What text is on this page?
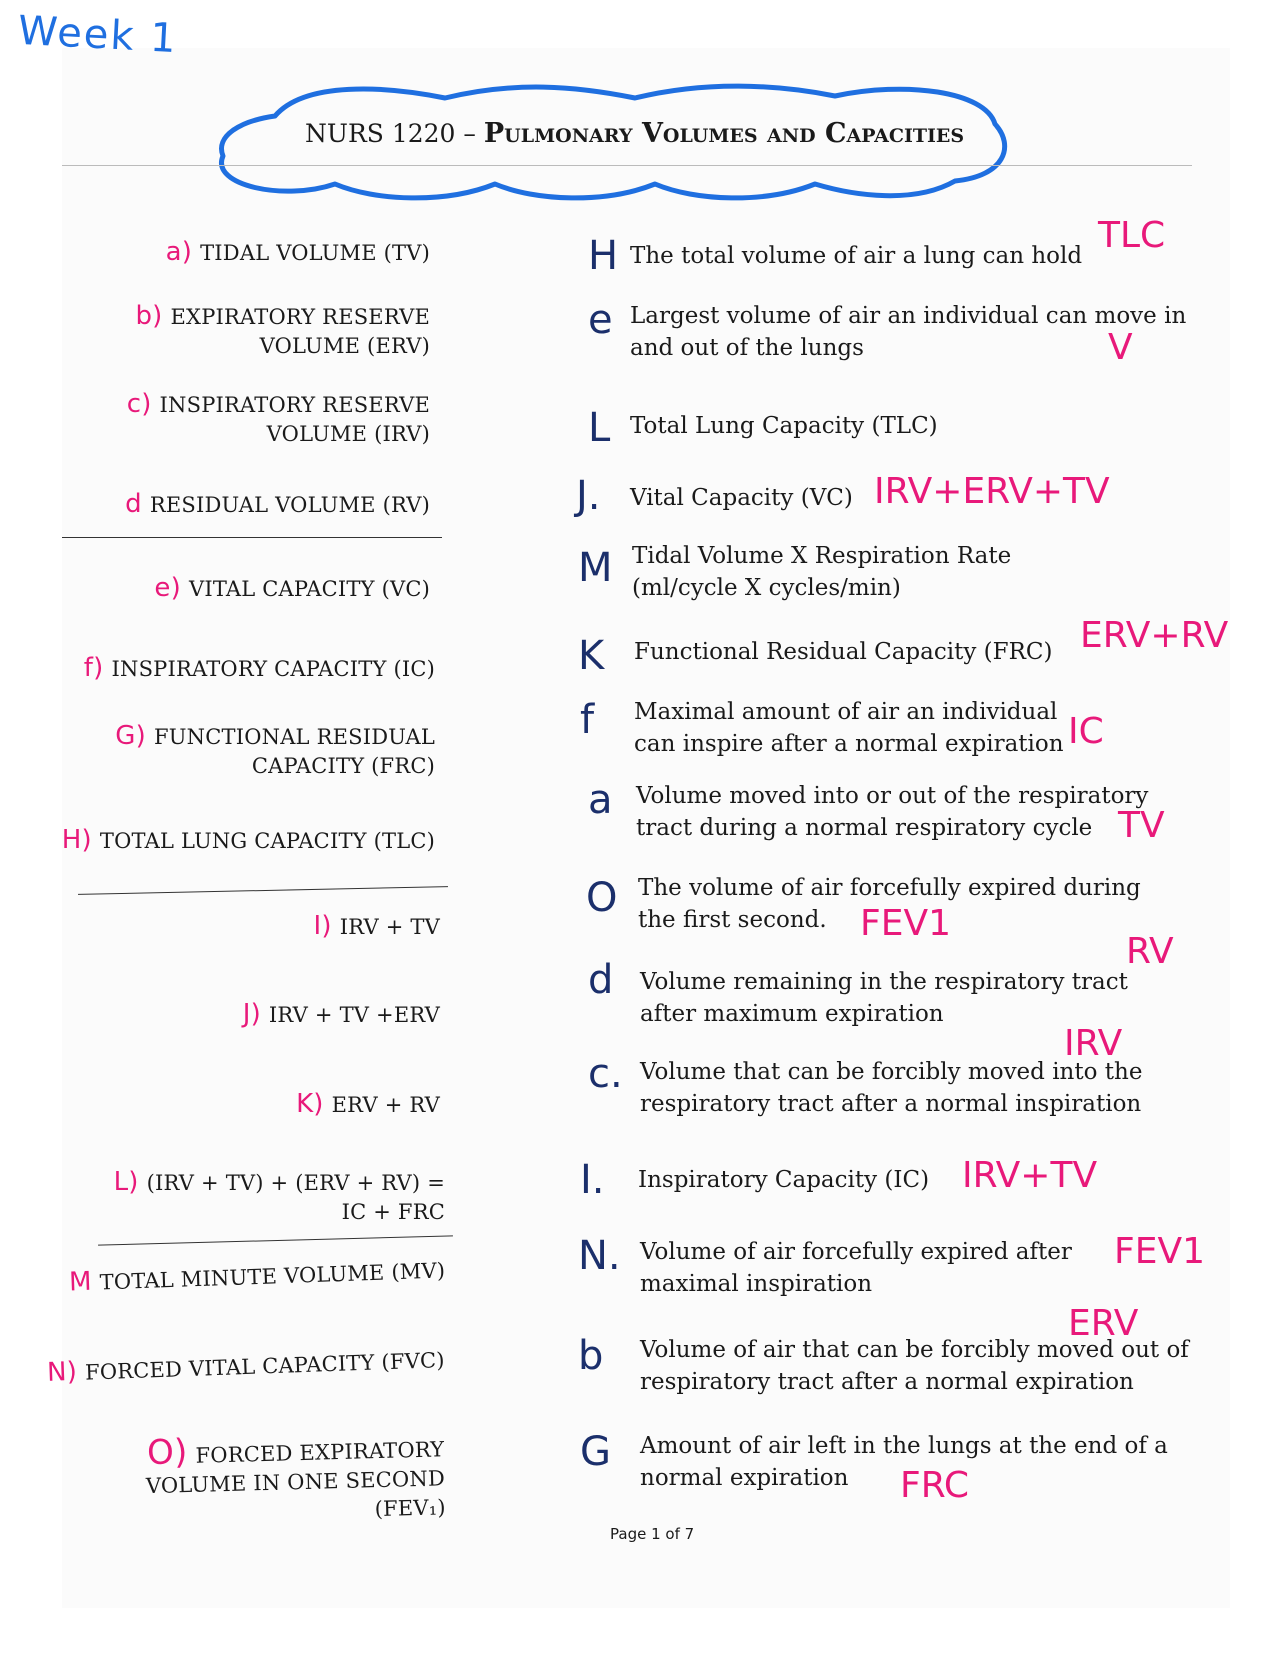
Week 1
NURS 1220 – Pulmonary Volumes and Capacities
a) TIDAL VOLUME (TV)
b) EXPIRATORY RESERVE VOLUME (ERV)
c) INSPIRATORY RESERVE VOLUME (IRV)
d RESIDUAL VOLUME (RV)
e) VITAL CAPACITY (VC)
f) INSPIRATORY CAPACITY (IC)
G) FUNCTIONAL RESIDUAL CAPACITY (FRC)
H) TOTAL LUNG CAPACITY (TLC)
I) IRV + TV
J) IRV + TV +ERV
K) ERV + RV
L) (IRV + TV) + (ERV + RV) = IC + FRC
M TOTAL MINUTE VOLUME (MV)
N) FORCED VITAL CAPACITY (FVC)
O) FORCED EXPIRATORY VOLUME IN ONE SECOND (FEV₁)
H The total volume of air a lung can hold TLC
e Largest volume of air an individual can move in and out of the lungs	V
L Total Lung Capacity (TLC)
J. Vital Capacity (VC) IRV+ERV+TV
M Tidal Volume X Respiration Rate (ml/cycle X cycles/min)
K Functional Residual Capacity (FRC) ERV+RV
f Maximal amount of air an individual can inspire after a normal expiration IC
a Volume moved into or out of the respiratory tract during a normal respiratory cycle TV
O The volume of air forcefully expired during the first second. FEV1
d Volume remaining in the respiratory tract after maximum expiration
RV
c. Volume that can be forcibly moved into the respiratory tract after a normal inspiration
IRV
I. Inspiratory Capacity (IC) IRV+TV
N. Volume of air forcefully expired after maximal inspiration
FEV1
b Volume of air that can be forcibly moved out of respiratory tract after a normal expiration
ERV
G Amount of air left in the lungs at the end of a normal expiration	FRC
Page 1 of 7
